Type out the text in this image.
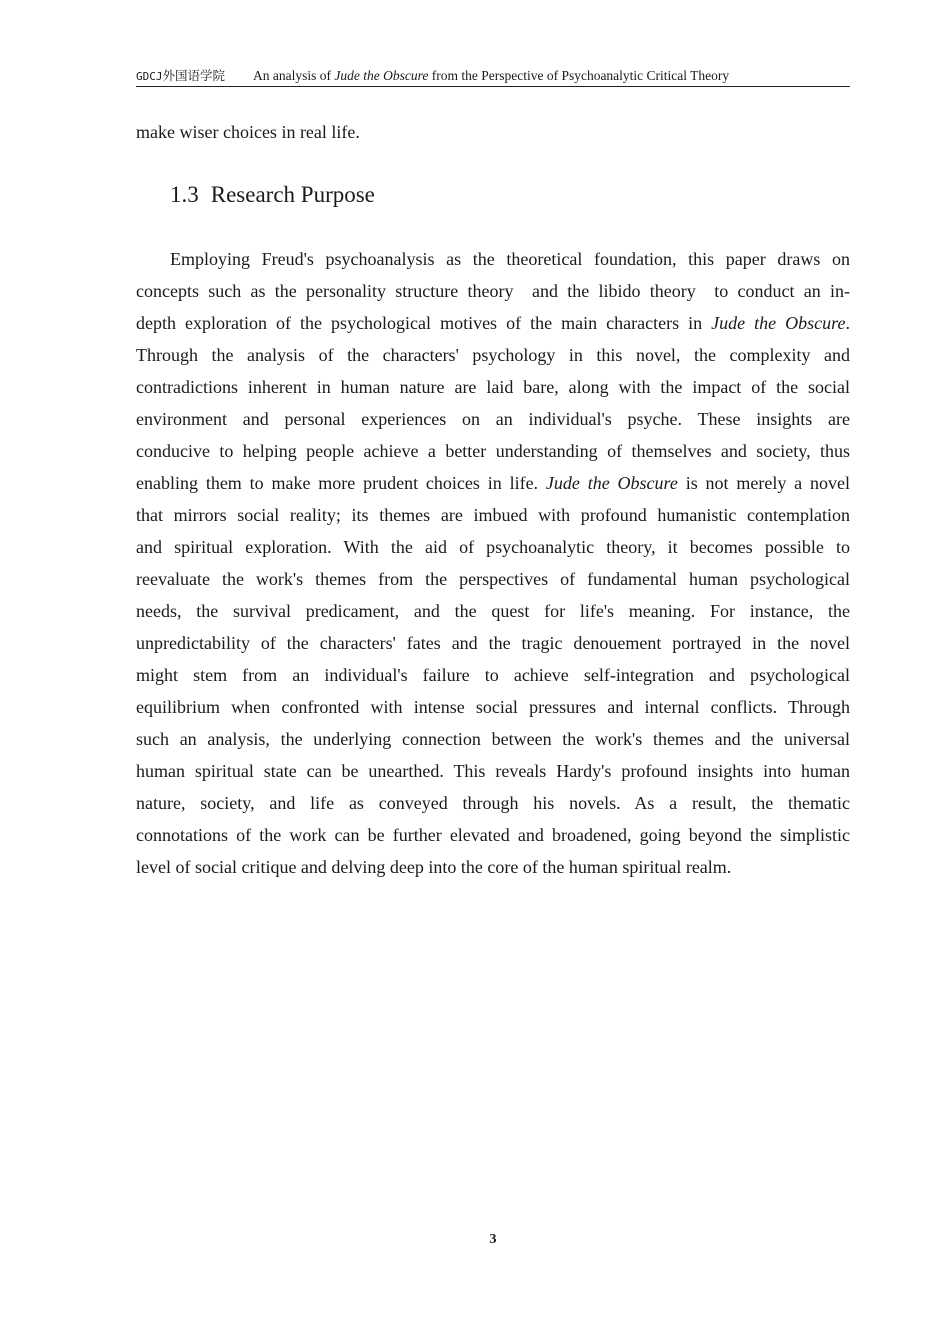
GDCJ外国语学院 An analysis of Jude the Obscure from the Perspective of Psychoanalytic Critical Theory
make wiser choices in real life.
1.3 Research Purpose
Employing Freud's psychoanalysis as the theoretical foundation, this paper draws on
concepts such as the personality structure theory  and the libido theory  to conduct an in-
depth exploration of the psychological motives of the main characters in Jude the Obscure.
Through the analysis of the characters' psychology in this novel, the complexity and
contradictions inherent in human nature are laid bare, along with the impact of the social
environment and personal experiences on an individual's psyche. These insights are
conducive to helping people achieve a better understanding of themselves and society, thus
enabling them to make more prudent choices in life. Jude the Obscure is not merely a novel
that mirrors social reality; its themes are imbued with profound humanistic contemplation
and spiritual exploration. With the aid of psychoanalytic theory, it becomes possible to
reevaluate the work's themes from the perspectives of fundamental human psychological
needs, the survival predicament, and the quest for life's meaning. For instance, the
unpredictability of the characters' fates and the tragic denouement portrayed in the novel
might stem from an individual's failure to achieve self-integration and psychological
equilibrium when confronted with intense social pressures and internal conflicts. Through
such an analysis, the underlying connection between the work's themes and the universal
human spiritual state can be unearthed. This reveals Hardy's profound insights into human
nature, society, and life as conveyed through his novels. As a result, the thematic
connotations of the work can be further elevated and broadened, going beyond the simplistic
level of social critique and delving deep into the core of the human spiritual realm.
3
